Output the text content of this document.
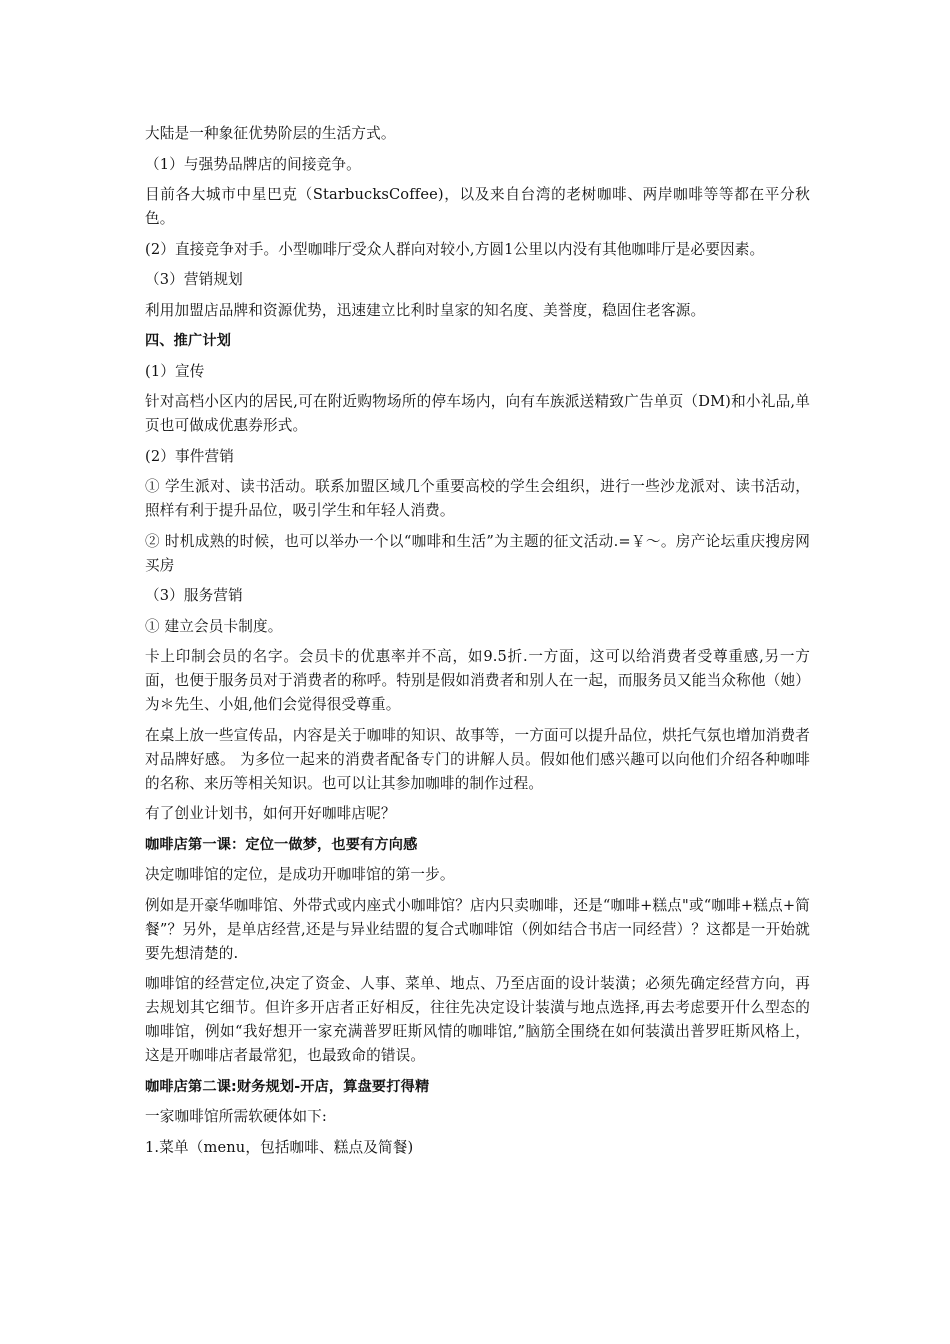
大陆是一种象征优势阶层的生活方式。

（1）与强势品牌店的间接竞争。

目前各大城市中星巴克（StarbucksCoffee)，以及来自台湾的老树咖啡、两岸咖啡等等都在平分秋色。

(2）直接竞争对手。小型咖啡厅受众人群向对较小,方圆1公里以内没有其他咖啡厅是必要因素。

（3）营销规划

利用加盟店品牌和资源优势，迅速建立比利时皇家的知名度、美誉度，稳固住老客源。

四、推广计划

(1）宣传

针对高档小区内的居民,可在附近购物场所的停车场内，向有车族派送精致广告单页（DM)和小礼品,单页也可做成优惠券形式。

(2）事件营销

① 学生派对、读书活动。联系加盟区域几个重要高校的学生会组织，进行一些沙龙派对、读书活动，照样有利于提升品位，吸引学生和年轻人消费。

② 时机成熟的时候，也可以举办一个以“咖啡和生活”为主题的征文活动.=￥～。房产论坛重庆搜房网买房

（3）服务营销

① 建立会员卡制度。

卡上印制会员的名字。会员卡的优惠率并不高，如9.5折.一方面，这可以给消费者受尊重感,另一方面，也便于服务员对于消费者的称呼。特别是假如消费者和别人在一起，而服务员又能当众称他（她）为＊先生、小姐,他们会觉得很受尊重。

在桌上放一些宣传品，内容是关于咖啡的知识、故事等，一方面可以提升品位，烘托气氛也增加消费者对品牌好感。 为多位一起来的消费者配备专门的讲解人员。假如他们感兴趣可以向他们介绍各种咖啡的名称、来历等相关知识。也可以让其参加咖啡的制作过程。

有了创业计划书，如何开好咖啡店呢？

咖啡店第一课：定位一做梦，也要有方向感

决定咖啡馆的定位，是成功开咖啡馆的第一步。

例如是开豪华咖啡馆、外带式或内座式小咖啡馆？店内只卖咖啡，还是“咖啡+糕点"或“咖啡+糕点+简餐”？另外，是单店经营,还是与异业结盟的复合式咖啡馆（例如结合书店一同经营）？这都是一开始就要先想清楚的.

咖啡馆的经营定位,决定了资金、人事、菜单、地点、乃至店面的设计装潢；必须先确定经营方向，再去规划其它细节。但许多开店者正好相反，往往先决定设计装潢与地点选择,再去考虑要开什么型态的咖啡馆，例如“我好想开一家充满普罗旺斯风情的咖啡馆,”脑筋全围绕在如何装潢出普罗旺斯风格上，这是开咖啡店者最常犯，也最致命的错误。

咖啡店第二课:财务规划-开店，算盘要打得精

一家咖啡馆所需软硬体如下:

1.菜单（menu，包括咖啡、糕点及简餐)
